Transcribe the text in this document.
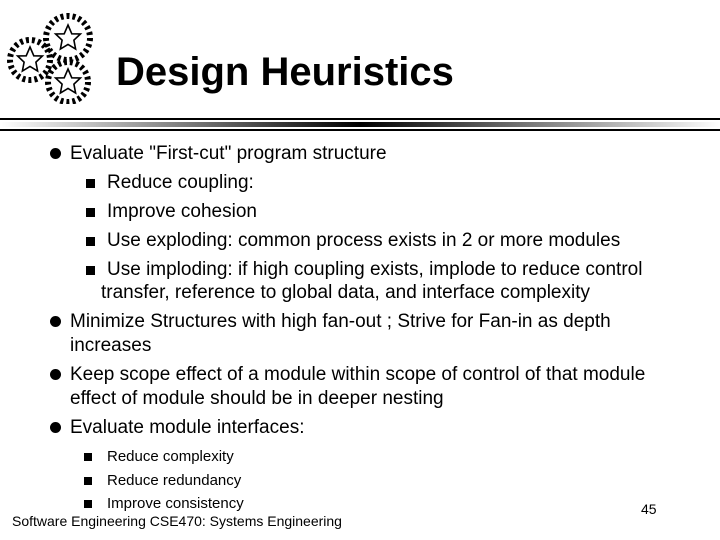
Design Heuristics
Evaluate "First-cut" program structure
Reduce coupling:
Improve cohesion
Use exploding: common process exists in 2 or more modules
Use imploding: if high coupling exists, implode to reduce control
transfer, reference to global data, and interface complexity
Minimize Structures with high fan-out ; Strive for Fan-in as depth
increases
Keep scope effect of a module within scope of control of that module
effect of module should be in deeper nesting
Evaluate module interfaces:
Reduce complexity
Reduce redundancy
Improve consistency
Software Engineering CSE470: Systems Engineering
45
